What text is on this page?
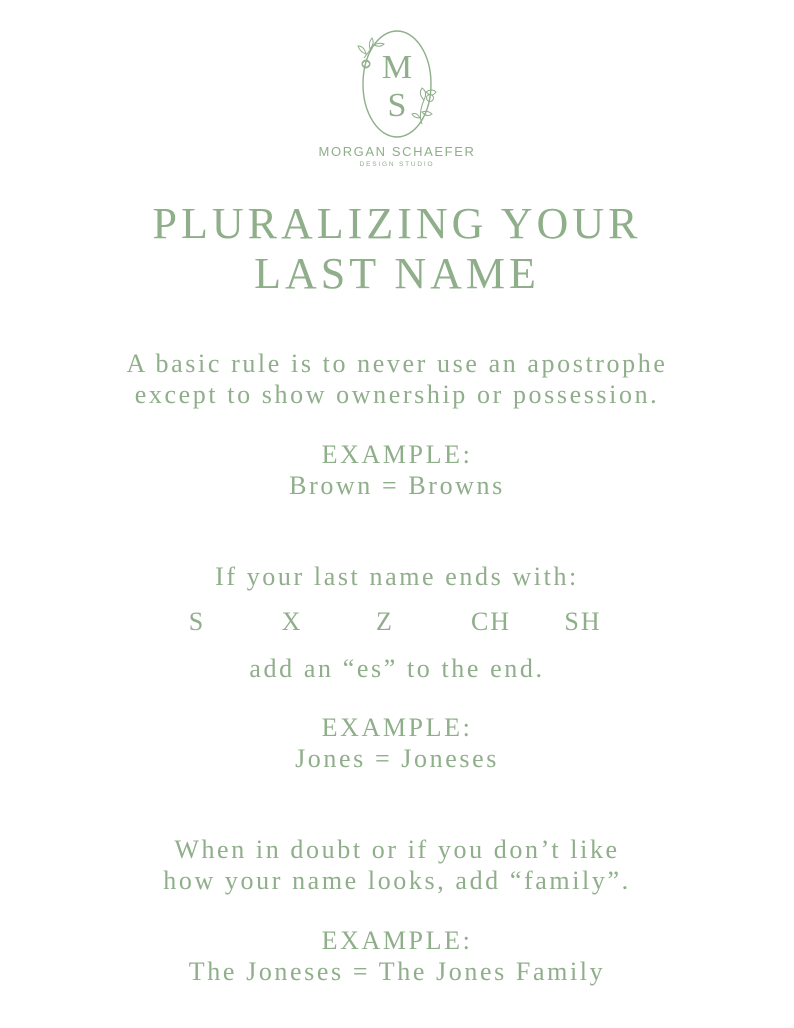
M
S
MORGAN SCHAEFER
DESIGN STUDIO
PLURALIZING YOUR
LAST NAME
A basic rule is to never use an apostrophe
except to show ownership or possession.
EXAMPLE:
Brown = Browns
If your last name ends with:
S	X	Z	CH SH
add an “es” to the end.
EXAMPLE:
Jones = Joneses
When in doubt or if you don’t like
how your name looks, add “family”.
EXAMPLE:
The Joneses = The Jones Family
